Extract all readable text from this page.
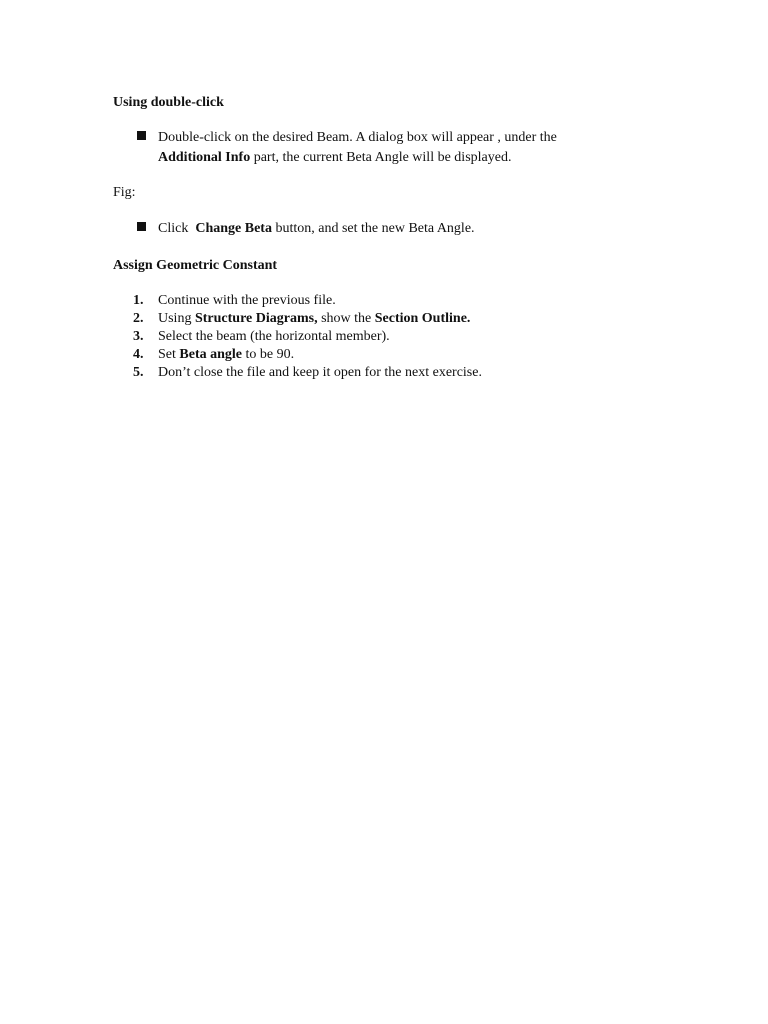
Using double-click
Double-click on the desired Beam. A dialog box will appear , under the
Additional Info part, the current Beta Angle will be displayed.
Fig:
Click  Change Beta button, and set the new Beta Angle.
Assign Geometric Constant
1.	Continue with the previous file.
2.	Using Structure Diagrams, show the Section Outline.
3.	Select the beam (the horizontal member).
4.	Set Beta angle to be 90.
5.	Don’t close the file and keep it open for the next exercise.
